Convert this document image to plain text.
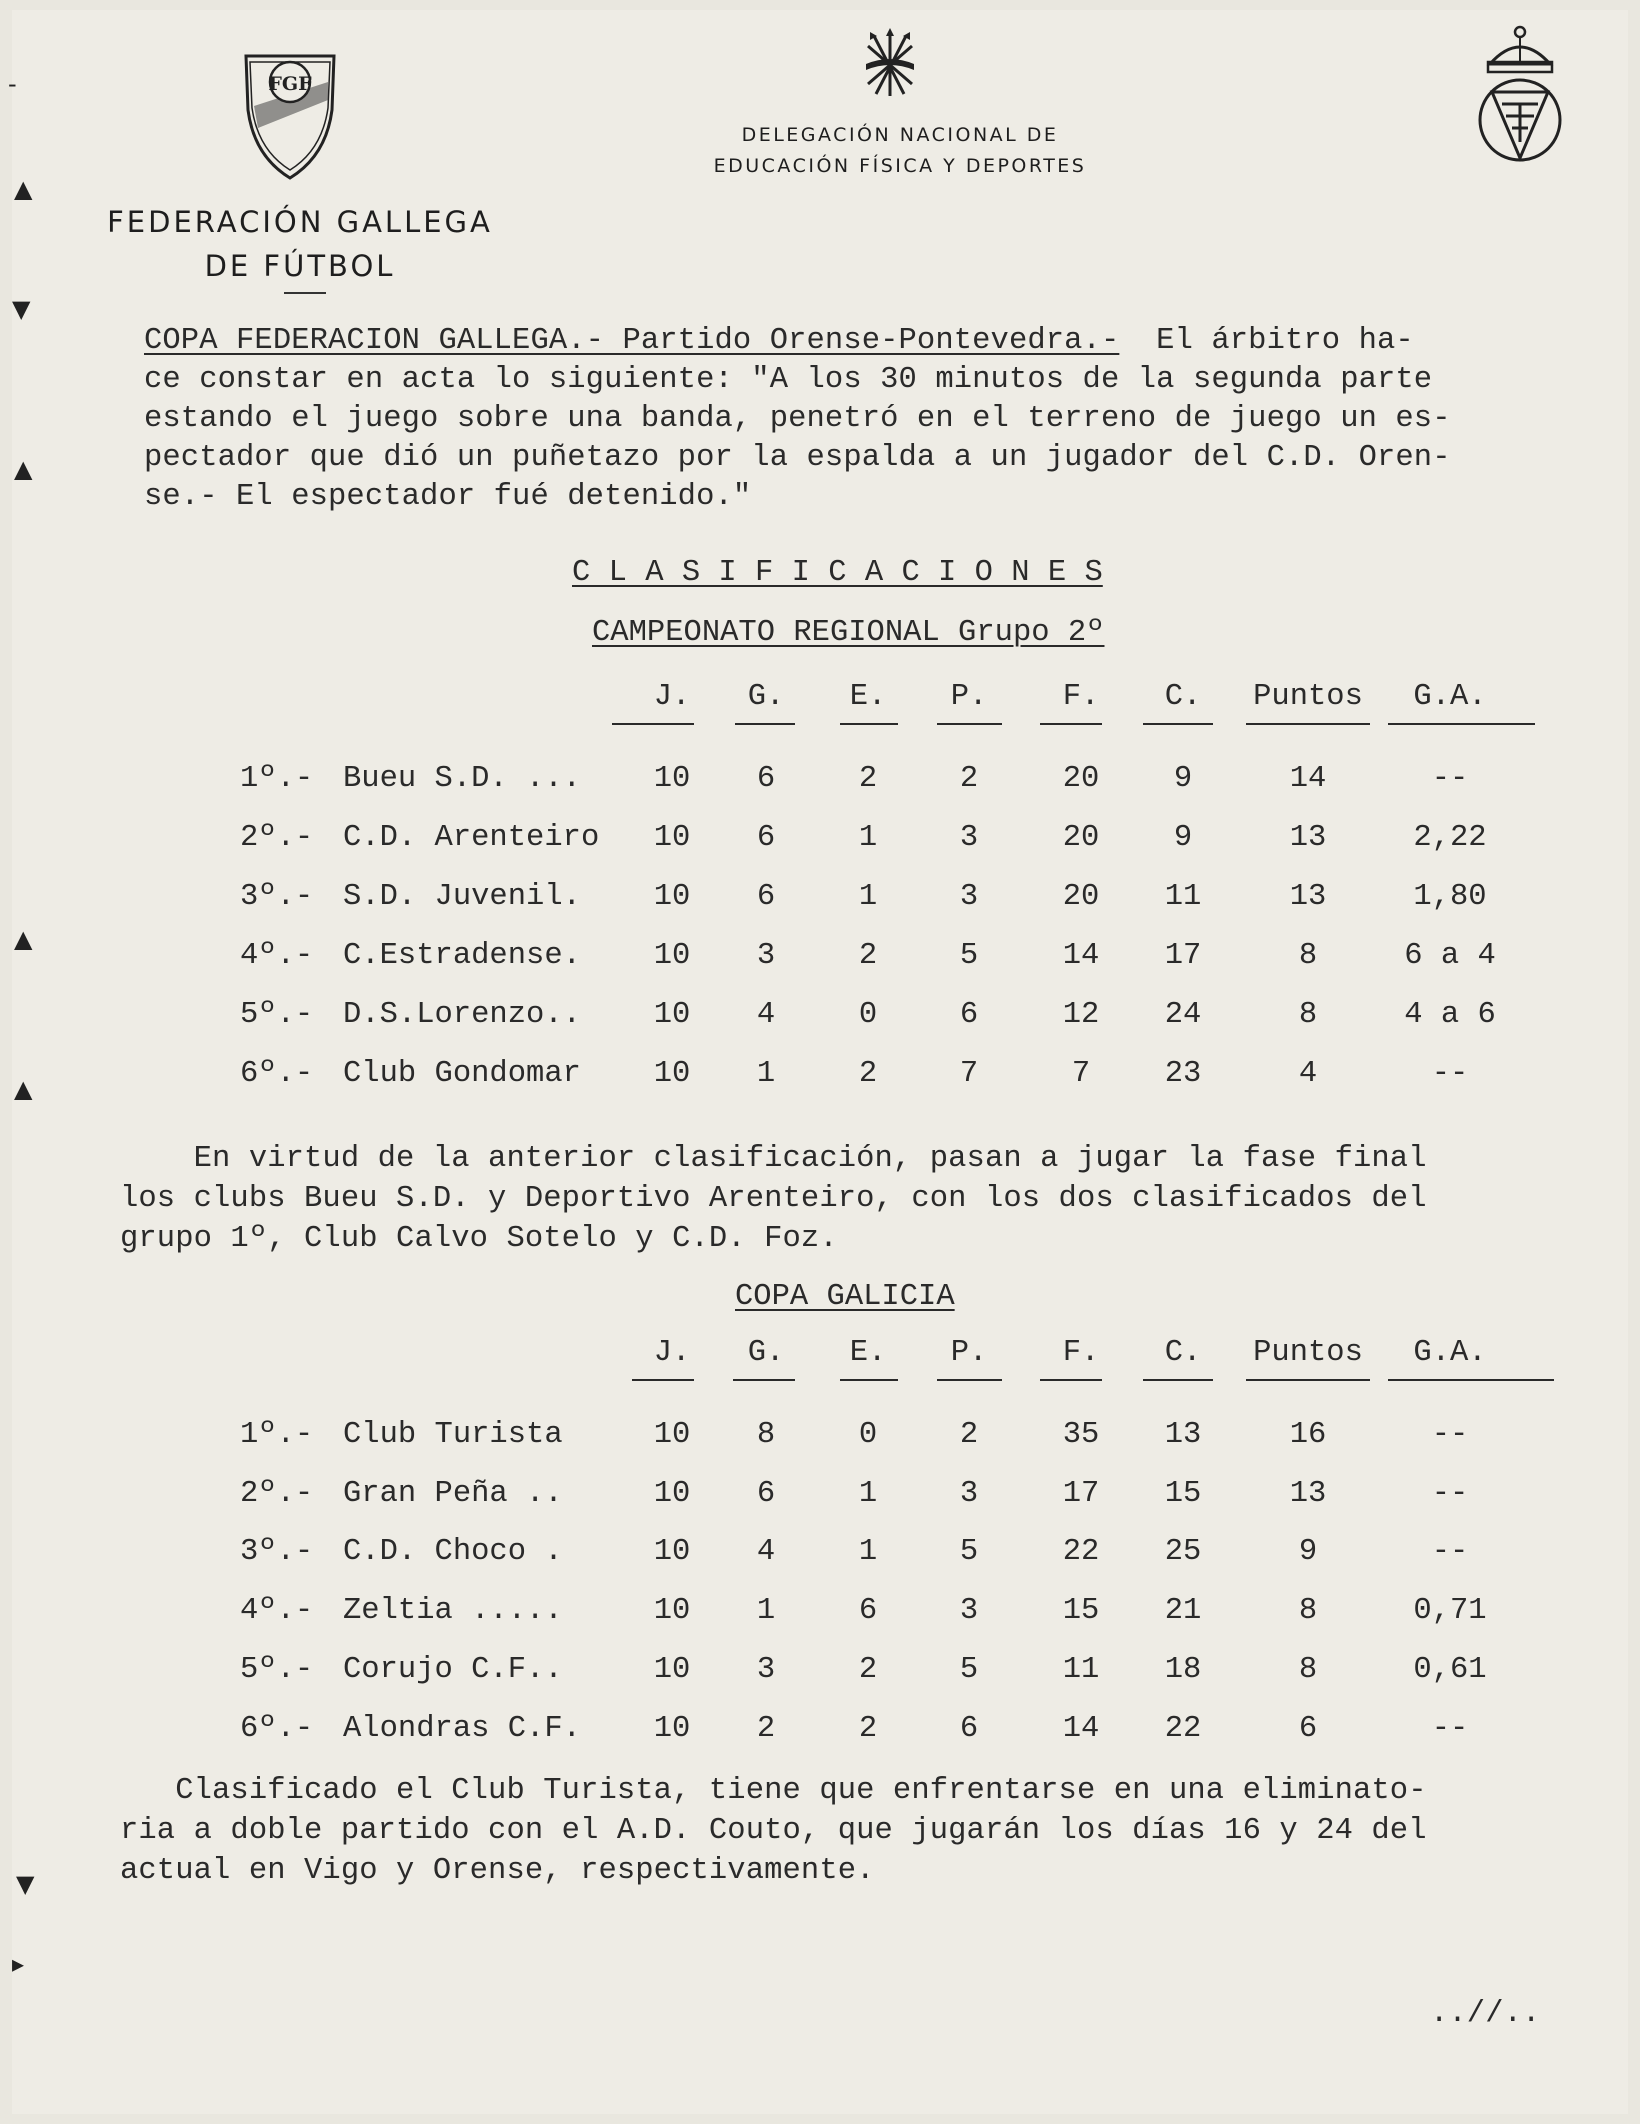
-
▲
▼
▲
▲
▲
▼
▸
FGF
FEDERACIÓN GALLEGA
DE FÚTBOL
DELEGACIÓN NACIONAL DE
EDUCACIÓN FÍSICA Y DEPORTES
COPA FEDERACION GALLEGA.- Partido Orense-Pontevedra.-  El árbitro ha-
ce constar en acta lo siguiente: "A los 30 minutos de la segunda parte
estando el juego sobre una banda, penetró en el terreno de juego un es-
pectador que dió un puñetazo por la espalda a un jugador del C.D. Oren-
se.- El espectador fué detenido."
C L A S I F I C A C I O N E S
CAMPEONATO REGIONAL Grupo 2º
J. G. E. P. F. C. Puntos G.A.
1º.- Bueu S.D. ... 10 6	2	2	20 9	14	--
2º.- C.D. Arenteiro 10 6	1	3	20 9	13	2,22
3º.- S.D. Juvenil. 10 6	1	3	20 11	13	1,80
4º.- C.Estradense. 10 3	2	5	14 17	8	6 a 4
5º.- D.S.Lorenzo.. 10 4	0	6	12 24	8	4 a 6
6º.- Club Gondomar 10 1	2	7	7 23	4	--
En virtud de la anterior clasificación, pasan a jugar la fase final
los clubs Bueu S.D. y Deportivo Arenteiro, con los dos clasificados del
grupo 1º, Club Calvo Sotelo y C.D. Foz.
COPA GALICIA
J. G. E. P. F. C. Puntos G.A.
1º.- Club Turista	10 8	0	2	35 13	16	--
2º.- Gran Peña ..	10 6	1	3	17 15	13	--
3º.- C.D. Choco .	10 4	1	5	22 25	9	--
4º.- Zeltia .....	10 1	6	3	15 21	8	0,71
5º.- Corujo C.F..	10 3	2	5	11 18	8	0,61
6º.- Alondras C.F. 10 2	2	6	14 22	6	--
Clasificado el Club Turista, tiene que enfrentarse en una eliminato-
ria a doble partido con el A.D. Couto, que jugarán los días 16 y 24 del
actual en Vigo y Orense, respectivamente.
..//..
